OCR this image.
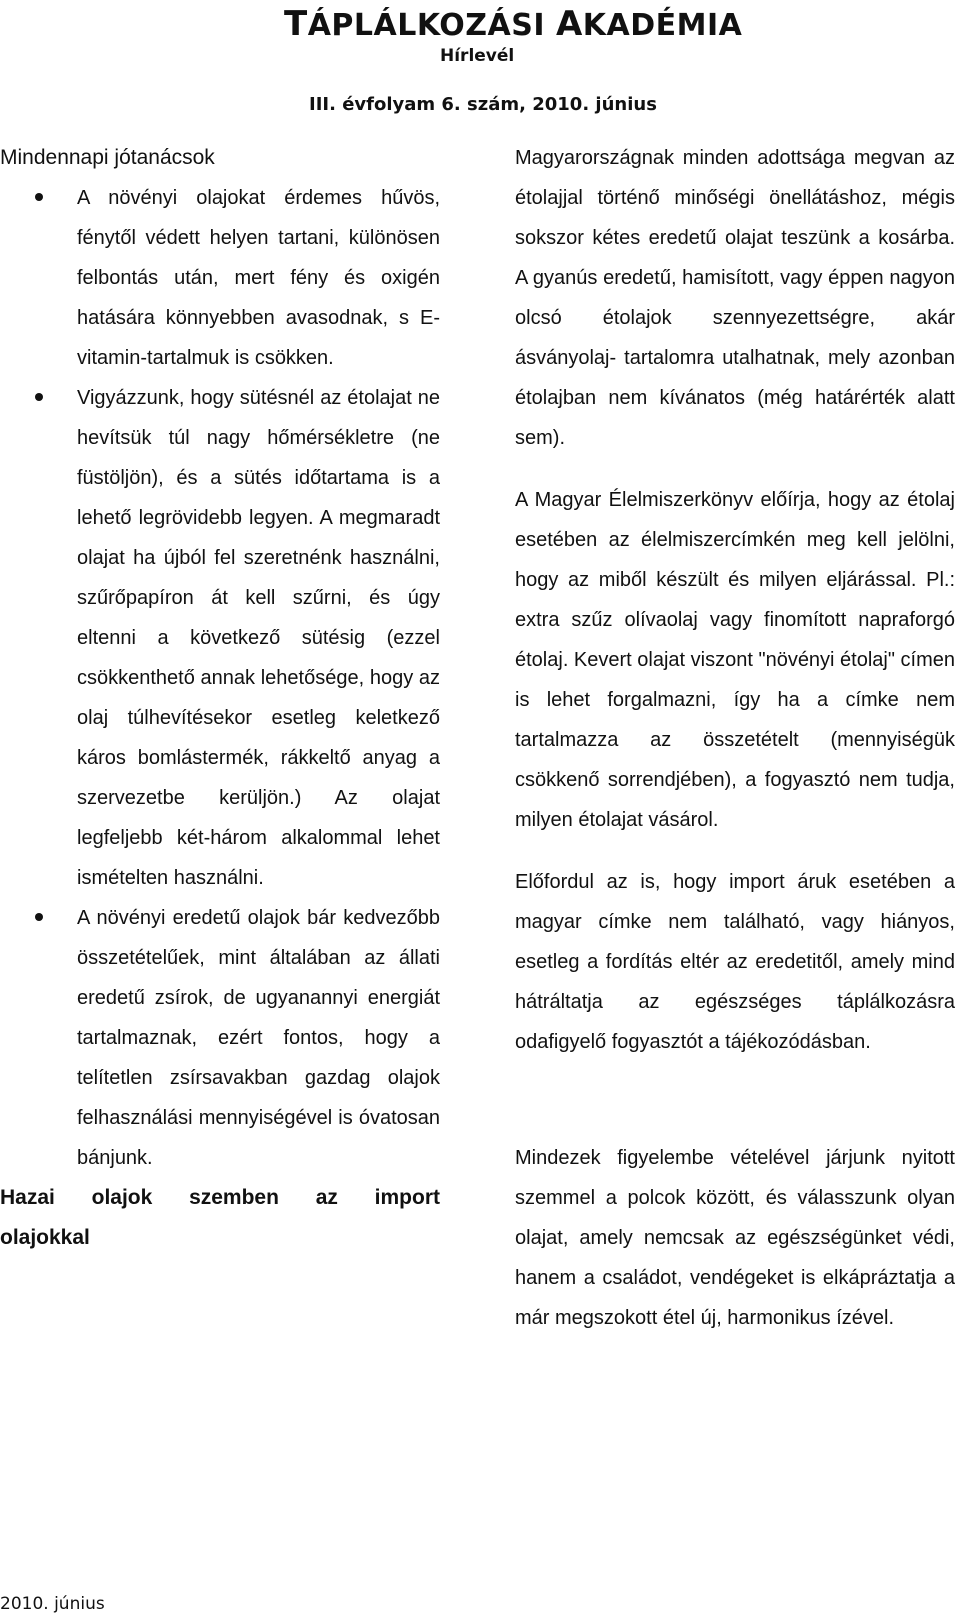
TÁPLÁLKOZÁSI AKADÉMIA
Hírlevél
III. évfolyam 6. szám, 2010. június

Mindennapi jótanácsok

A növényi olajokat érdemes hűvös, fénytől védett helyen tartani, különösen felbontás után, mert fény és oxigén hatására könnyebben avasodnak, s E-vitamin-tartalmuk is csökken.
Vigyázzunk, hogy sütésnél az étolajat ne hevítsük túl nagy hőmérsékletre (ne füstöljön), és a sütés időtartama is a lehető legrövidebb legyen. A megmaradt olajat ha újból fel szeretnénk használni, szűrőpapíron át kell szűrni, és úgy eltenni a következő sütésig (ezzel csökkenthető annak lehetősége, hogy az olaj túlhevítésekor esetleg keletkező káros bomlástermék, rákkeltő anyag a szervezetbe kerüljön.) Az olajat legfeljebb két-három alkalommal lehet ismételten használni.
A növényi eredetű olajok bár kedvezőbb összetételűek, mint általában az állati eredetű zsírok, de ugyanannyi energiát tartalmaznak, ezért fontos, hogy a telítetlen zsírsavakban gazdag olajok felhasználási mennyiségével is óvatosan bánjunk.

Hazai olajok szemben az import

olajokkal

Magyarországnak minden adottsága megvan az étolajjal történő minőségi önellátáshoz, mégis sokszor kétes eredetű olajat teszünk a kosárba. A gyanús eredetű, hamisított, vagy éppen nagyon olcsó étolajok szennyezettségre, akár ásványolaj- tartalomra utalhatnak, mely azonban étolajban nem kívánatos (még határérték alatt sem).

A Magyar Élelmiszerkönyv előírja, hogy az étolaj esetében az élelmiszercímkén meg kell jelölni, hogy az miből készült és milyen eljárással. Pl.: extra szűz olívaolaj vagy finomított napraforgó étolaj. Kevert olajat viszont "növényi étolaj" címen is lehet forgalmazni, így ha a címke nem tartalmazza az összetételt (mennyiségük csökkenő sorrendjében), a fogyasztó nem tudja, milyen étolajat vásárol.

Előfordul az is, hogy import áruk esetében a magyar címke nem található, vagy hiányos, esetleg a fordítás eltér az eredetitől, amely mind hátráltatja az egészséges táplálkozásra odafigyelő fogyasztót a tájékozódásban.

Mindezek figyelembe vételével járjunk nyitott szemmel a polcok között, és válasszunk olyan olajat, amely nemcsak az egészségünket védi, hanem a családot, vendégeket is elkápráztatja a már megszokott étel új, harmonikus ízével.

2010. június
